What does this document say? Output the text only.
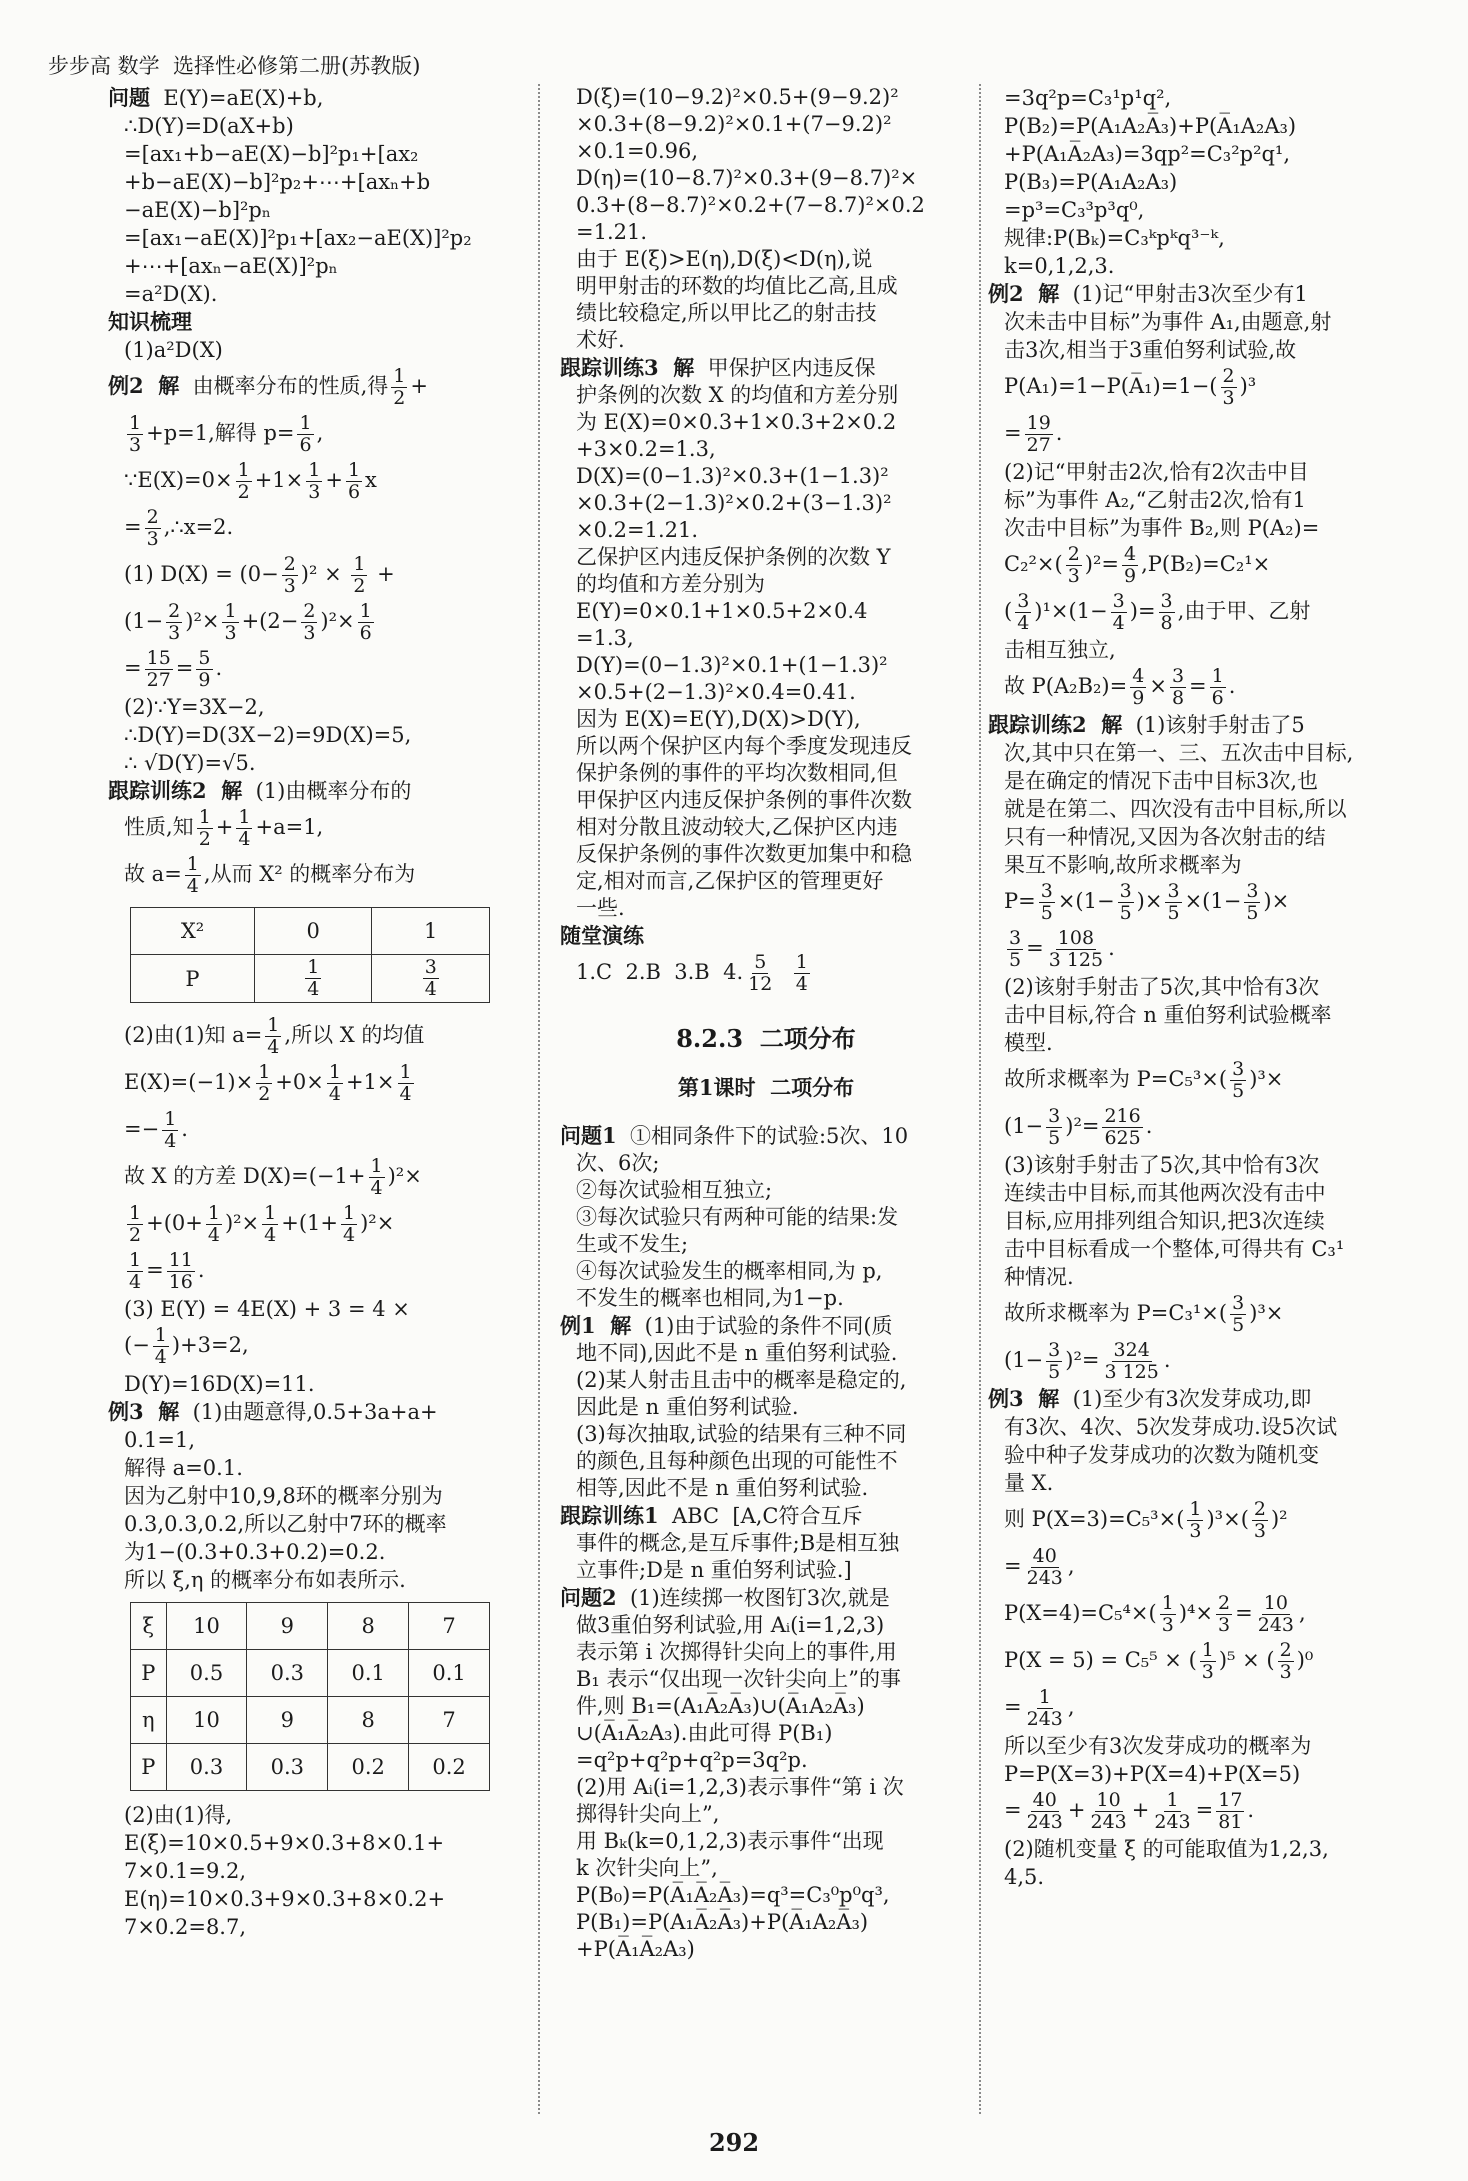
步步高 数学  选择性必修第二册(苏教版)
问题  E(Y)=aE(X)+b,
∴D(Y)=D(aX+b)
=[ax₁+b−aE(X)−b]²p₁+[ax₂
+b−aE(X)−b]²p₂+⋯+[axₙ+b
−aE(X)−b]²pₙ
=[ax₁−aE(X)]²p₁+[ax₂−aE(X)]²p₂
+⋯+[axₙ−aE(X)]²pₙ
=a²D(X).
知识梳理
(1)a²D(X)
例2  解  由概率分布的性质,得 $\frac{1}{2}$ +
$\frac{1}{3} +p=1$,解得 $p= \frac{1}{6}$ ,
∵E(X)=0× $\frac{1}{2} +1\times \frac{1}{3} + \frac{1}{6}$ x
= $\frac{2}{3}$ ,∴x=2.
(1) $D(X) = (0- \frac{2}{3} )^2 \times \frac{1}{2}$ +
$(1- \frac{2}{3} )^2\times \frac{1}{3} +(2- \frac{2}{3} )^2\times \frac{1}{6}$
= $\frac{15}{27} = \frac{5}{9}$ .
(2)∵Y=3X−2,
∴D(Y)=D(3X−2)=9D(X)=5,
∴ √D(Y)=√5.
跟踪训练2  解  (1)由概率分布的
性质,知 $\frac{1}{2} + \frac{1}{4} +a=1$,
故 $a= \frac{1}{4}$ ,从而 X² 的概率分布为
X²	0	1
P	$\frac{1}{4}$	$\frac{3}{4}$
(2)由(1)知 $a= \frac{1}{4}$ ,所以 X 的均值
$E(X)=(-1)\times \frac{1}{2} +0\times \frac{1}{4} +1\times \frac{1}{4}$
=− $\frac{1}{4}$ .
故 X 的方差 $D(X)=(-1+ \frac{1}{4} )^2\times$
$\frac{1}{2} +(0+ \frac{1}{4} )^2\times \frac{1}{4} +(1+ \frac{1}{4} )^2\times$
$\frac{1}{4} = \frac{11}{16}$ .
(3) E(Y) = 4E(X) + 3 = 4 ×
(− $\frac{1}{4} )+3=2$,
D(Y)=16D(X)=11.
例3  解  (1)由题意得,0.5+3a+a+
0.1=1,
解得 a=0.1.
因为乙射中10,9,8环的概率分别为
0.3,0.3,0.2,所以乙射中7环的概率
为1−(0.3+0.3+0.2)=0.2.
所以 ξ,η 的概率分布如表所示.
ξ	10	9	8	7
P	0.5	0.3	0.1	0.1
η	10	9	8	7
P	0.3	0.3	0.2	0.2
(2)由(1)得,
E(ξ)=10×0.5+9×0.3+8×0.1+
7×0.1=9.2,
E(η)=10×0.3+9×0.3+8×0.2+
7×0.2=8.7,
D(ξ)=(10−9.2)²×0.5+(9−9.2)²
×0.3+(8−9.2)²×0.1+(7−9.2)²
×0.1=0.96,
D(η)=(10−8.7)²×0.3+(9−8.7)²×
0.3+(8−8.7)²×0.2+(7−8.7)²×0.2
=1.21.
由于 E(ξ)>E(η),D(ξ)<D(η),说
明甲射击的环数的均值比乙高,且成
绩比较稳定,所以甲比乙的射击技
术好.
跟踪训练3  解  甲保护区内违反保
护条例的次数 X 的均值和方差分别
为 E(X)=0×0.3+1×0.3+2×0.2
+3×0.2=1.3,
D(X)=(0−1.3)²×0.3+(1−1.3)²
×0.3+(2−1.3)²×0.2+(3−1.3)²
×0.2=1.21.
乙保护区内违反保护条例的次数 Y
的均值和方差分别为
E(Y)=0×0.1+1×0.5+2×0.4
=1.3,
D(Y)=(0−1.3)²×0.1+(1−1.3)²
×0.5+(2−1.3)²×0.4=0.41.
因为 E(X)=E(Y),D(X)>D(Y),
所以两个保护区内每个季度发现违反
保护条例的事件的平均次数相同,但
甲保护区内违反保护条例的事件次数
相对分散且波动较大,乙保护区内违
反保护条例的事件次数更加集中和稳
定,相对而言,乙保护区的管理更好
一些.
随堂演练
1.C  2.B  3.B  4. $\frac{5}{12}$
$\frac{1}{4}$
8.2.3  二项分布
第1课时  二项分布
问题1  ①相同条件下的试验:5次、10
次、6次;
②每次试验相互独立;
③每次试验只有两种可能的结果:发
生或不发生;
④每次试验发生的概率相同,为 p,
不发生的概率也相同,为1−p.
例1  解  (1)由于试验的条件不同(质
地不同),因此不是 n 重伯努利试验.
(2)某人射击且击中的概率是稳定的,
因此是 n 重伯努利试验.
(3)每次抽取,试验的结果有三种不同
的颜色,且每种颜色出现的可能性不
相等,因此不是 n 重伯努利试验.
跟踪训练1  ABC  [A,C符合互斥
事件的概念,是互斥事件;B是相互独
立事件;D是 n 重伯努利试验.]
问题2  (1)连续掷一枚图钉3次,就是
做3重伯努利试验,用 Aᵢ(i=1,2,3)
表示第 i 次掷得针尖向上的事件,用
B₁ 表示“仅出现一次针尖向上”的事
件,则 B₁=(A₁A̅₂A̅₃)∪(A̅₁A₂A̅₃)
∪(A̅₁A̅₂A₃).由此可得 P(B₁)
=q²p+q²p+q²p=3q²p.
(2)用 Aᵢ(i=1,2,3)表示事件“第 i 次
掷得针尖向上”,
用 Bₖ(k=0,1,2,3)表示事件“出现
k 次针尖向上”,
P(B₀)=P(A̅₁A̅₂A̅₃)=q³=C₃⁰p⁰q³,
P(B₁)=P(A₁A̅₂A̅₃)+P(A̅₁A₂A̅₃)
+P(A̅₁A̅₂A₃)
=3q²p=C₃¹p¹q²,
P(B₂)=P(A₁A₂A̅₃)+P(A̅₁A₂A₃)
+P(A₁A̅₂A₃)=3qp²=C₃²p²q¹,
P(B₃)=P(A₁A₂A₃)
=p³=C₃³p³q⁰,
规律:P(Bₖ)=C₃ᵏpᵏq³⁻ᵏ,
k=0,1,2,3.
例2  解  (1)记“甲射击3次至少有1
次未击中目标”为事件 A₁,由题意,射
击3次,相当于3重伯努利试验,故
P(A₁)=1−P(A̅₁)=1−( $\frac{2}{3} )^3$
= $\frac{19}{27}$ .
(2)记“甲射击2次,恰有2次击中目
标”为事件 A₂,“乙射击2次,恰有1
次击中目标”为事件 B₂,则 P(A₂)=
$C_2^2\times( \frac{2}{3} )^2= \frac{4}{9} ,P(B_2)=C_2^1\times$
( $\frac{3}{4} )^1\times(1- \frac{3}{4}$ )= $\frac{3}{8}$ ,由于甲、乙射
击相互独立,
故 $P(A_2B_2)= \frac{4}{9} \times \frac{3}{8} = \frac{1}{6}$ .
跟踪训练2  解  (1)该射手射击了5
次,其中只在第一、三、五次击中目标,
是在确定的情况下击中目标3次,也
就是在第二、四次没有击中目标,所以
只有一种情况,又因为各次射击的结
果互不影响,故所求概率为
$P= \frac{3}{5} \times(1- \frac{3}{5}$ )× $\frac{3}{5} \times(1- \frac{3}{5}$ )×
$\frac{3}{5} = \frac{108}{3 125}$ .
(2)该射手射击了5次,其中恰有3次
击中目标,符合 n 重伯努利试验概率
模型.
故所求概率为 $P=C_5^3\times( \frac{3}{5} )^3\times$
$(1- \frac{3}{5} )^2= \frac{216}{625}$ .
(3)该射手射击了5次,其中恰有3次
连续击中目标,而其他两次没有击中
目标,应用排列组合知识,把3次连续
击中目标看成一个整体,可得共有 C₃¹
种情况.
故所求概率为 $P=C_3^1\times( \frac{3}{5} )^3\times$
$(1- \frac{3}{5} )^2= \frac{324}{3 125}$ .
例3  解  (1)至少有3次发芽成功,即
有3次、4次、5次发芽成功.设5次试
验中种子发芽成功的次数为随机变
量 X.
则 $P(X=3)=C_5^3\times( \frac{1}{3} )^3\times( \frac{2}{3} )^2$
= $\frac{40}{243}$ ,
$P(X=4)=C_5^4\times( \frac{1}{3} )^4\times \frac{2}{3} = \frac{10}{243}$ ,
P(X = 5) = C₅⁵ × ( $\frac{1}{3} )^5$ × ( $\frac{2}{3} )^0$
= $\frac{1}{243}$ ,
所以至少有3次发芽成功的概率为
P=P(X=3)+P(X=4)+P(X=5)
= $\frac{40}{243} + \frac{10}{243} + \frac{1}{243} = \frac{17}{81}$ .
(2)随机变量 ξ 的可能取值为1,2,3,
4,5.
292
